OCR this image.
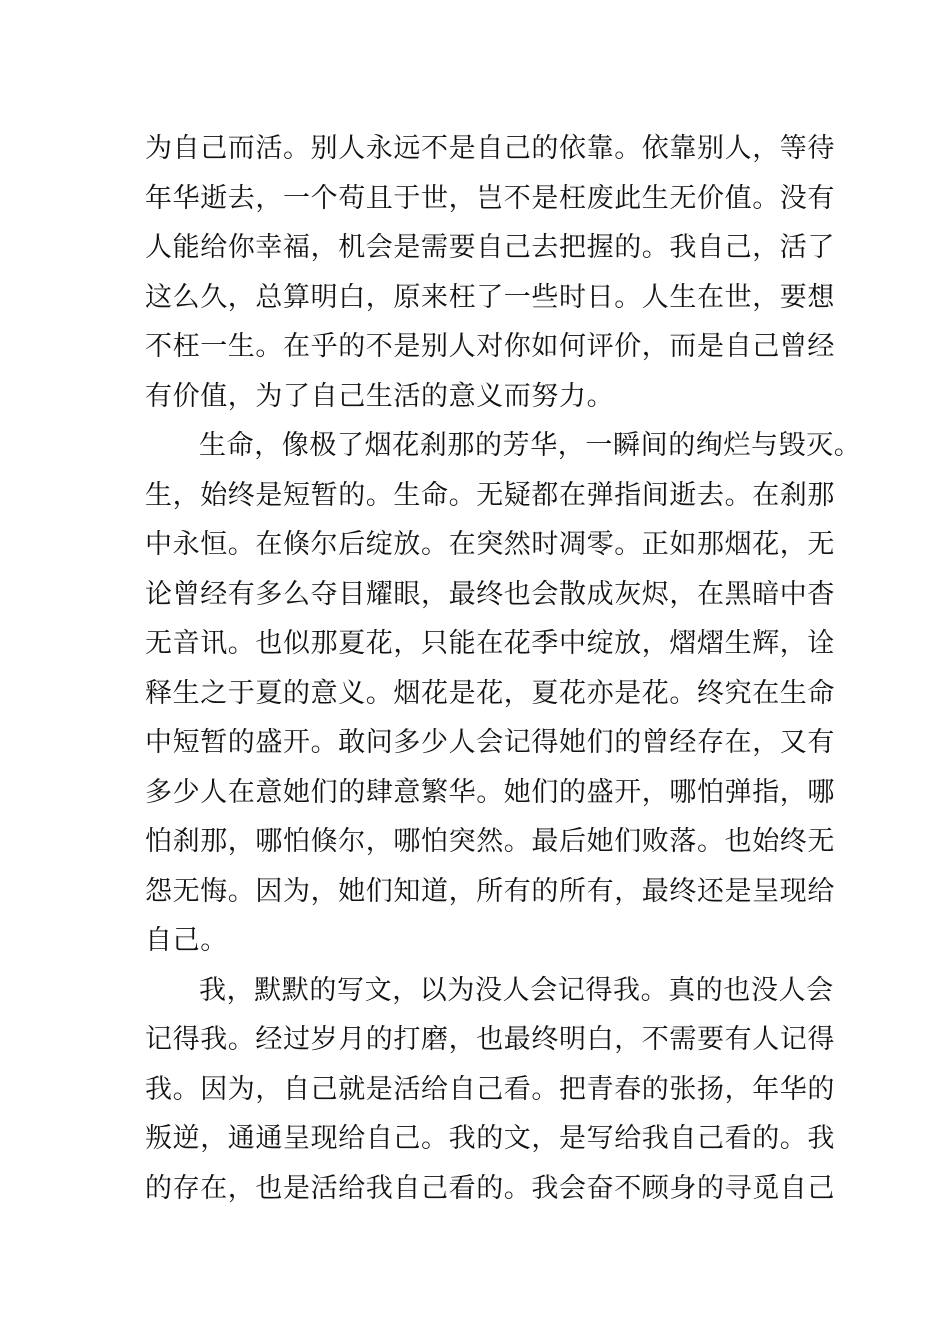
为自己而活。别人永远不是自己的依靠。依靠别人，等待
年华逝去，一个苟且于世，岂不是枉废此生无价值。没有
人能给你幸福，机会是需要自己去把握的。我自己，活了
这么久，总算明白，原来枉了一些时日。人生在世，要想
不枉一生。在乎的不是别人对你如何评价，而是自己曾经
有价值，为了自己生活的意义而努力。
生命，像极了烟花刹那的芳华，一瞬间的绚烂与毁灭。
生，始终是短暂的。生命。无疑都在弹指间逝去。在刹那
中永恒。在倏尔后绽放。在突然时凋零。正如那烟花，无
论曾经有多么夺目耀眼，最终也会散成灰烬，在黑暗中杳
无音讯。也似那夏花，只能在花季中绽放，熠熠生辉，诠
释生之于夏的意义。烟花是花，夏花亦是花。终究在生命
中短暂的盛开。敢问多少人会记得她们的曾经存在，又有
多少人在意她们的肆意繁华。她们的盛开，哪怕弹指，哪
怕刹那，哪怕倏尔，哪怕突然。最后她们败落。也始终无
怨无悔。因为，她们知道，所有的所有，最终还是呈现给
自己。
我，默默的写文，以为没人会记得我。真的也没人会
记得我。经过岁月的打磨，也最终明白，不需要有人记得
我。因为，自己就是活给自己看。把青春的张扬，年华的
叛逆，通通呈现给自己。我的文，是写给我自己看的。我
的存在，也是活给我自己看的。我会奋不顾身的寻觅自己
